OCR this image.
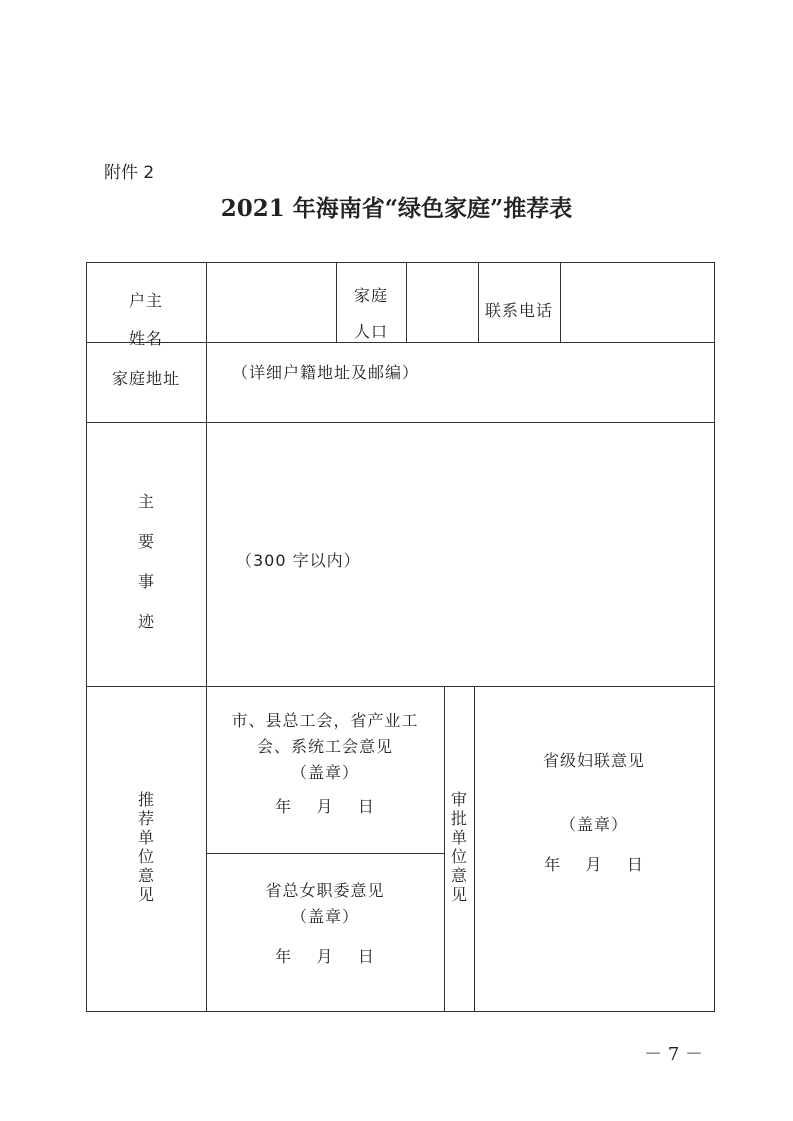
附件 2
2021 年海南省“绿色家庭”推荐表
户主
姓名
家庭
人口
联系电话
家庭地址	（详细户籍地址及邮编）
主
要
事
迹
（300 字以内）
推
荐
单
位
意
见
市、县总工会，省产业工
会、系统工会意见
（盖章）
年    月    日
省总女职委意见
（盖章）
年    月    日
审
批
单
位
意
见
省级妇联意见
（盖章）
年    月    日
－ 7 －
